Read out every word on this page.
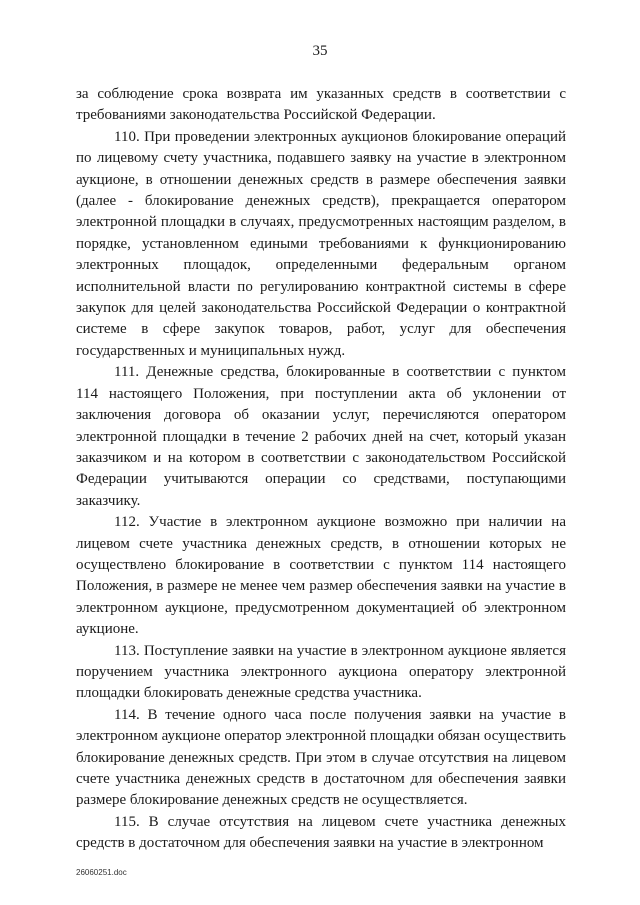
35

за соблюдение срока возврата им указанных средств в соответствии с требованиями законодательства Российской Федерации.

110. При проведении электронных аукционов блокирование операций по лицевому счету участника, подавшего заявку на участие в электронном аукционе, в отношении денежных средств в размере обеспечения заявки (далее - блокирование денежных средств), прекращается оператором электронной площадки в случаях, предусмотренных настоящим разделом, в порядке, установленном едиными требованиями к функционированию электронных площадок, определенными федеральным органом исполнительной власти по регулированию контрактной системы в сфере закупок для целей законодательства Российской Федерации о контрактной системе в сфере закупок товаров, работ, услуг для обеспечения государственных и муниципальных нужд.

111. Денежные средства, блокированные в соответствии с пунктом 114 настоящего Положения, при поступлении акта об уклонении от заключения договора об оказании услуг, перечисляются оператором электронной площадки в течение 2 рабочих дней на счет, который указан заказчиком и на котором в соответствии с законодательством Российской Федерации учитываются операции со средствами, поступающими заказчику.

112. Участие в электронном аукционе возможно при наличии на лицевом счете участника денежных средств, в отношении которых не осуществлено блокирование в соответствии с пунктом 114 настоящего Положения, в размере не менее чем размер обеспечения заявки на участие в электронном аукционе, предусмотренном документацией об электронном аукционе.

113. Поступление заявки на участие в электронном аукционе является поручением участника электронного аукциона оператору электронной площадки блокировать денежные средства участника.

114. В течение одного часа после получения заявки на участие в электронном аукционе оператор электронной площадки обязан осуществить блокирование денежных средств. При этом в случае отсутствия на лицевом счете участника денежных средств в достаточном для обеспечения заявки размере блокирование денежных средств не осуществляется.

115. В случае отсутствия на лицевом счете участника денежных средств в достаточном для обеспечения заявки на участие в электронном

26060251.doc
